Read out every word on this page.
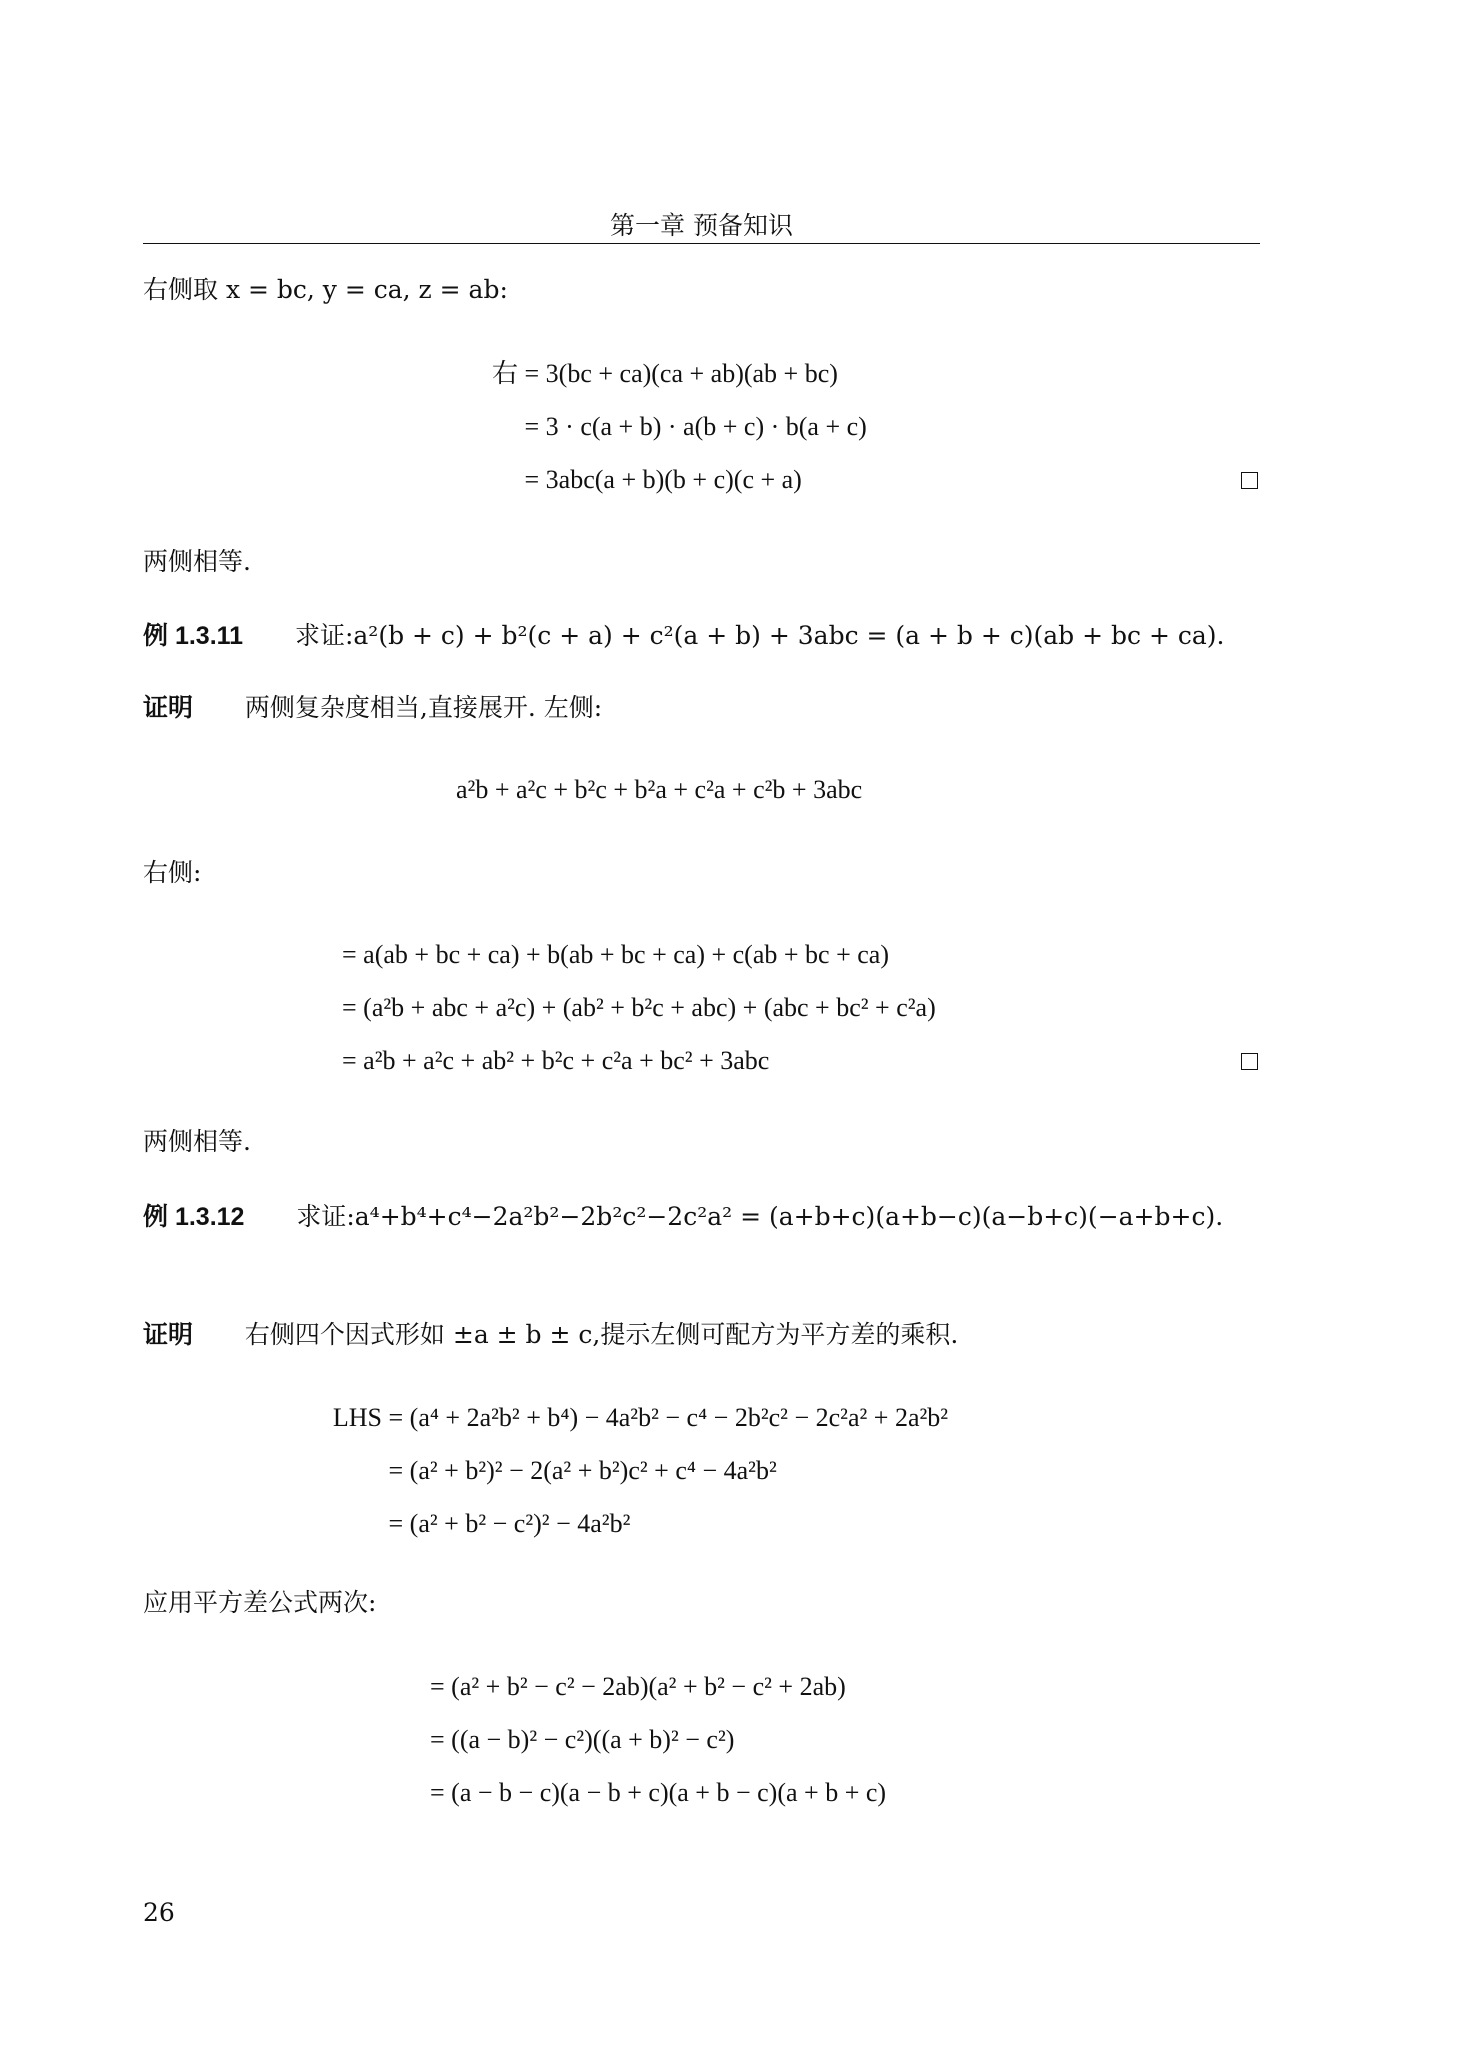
第一章 预备知识
右侧取 x = bc, y = ca, z = ab:
右 = 3(bc + ca)(ca + ab)(ab + bc)
= 3 · c(a + b) · a(b + c) · b(a + c)
= 3abc(a + b)(b + c)(c + a)
两侧相等.
例 1.3.11 求证:a²(b + c) + b²(c + a) + c²(a + b) + 3abc = (a + b + c)(ab + bc + ca).
证明 两侧复杂度相当,直接展开. 左侧:
a²b + a²c + b²c + b²a + c²a + c²b + 3abc
右侧:
= a(ab + bc + ca) + b(ab + bc + ca) + c(ab + bc + ca)
= (a²b + abc + a²c) + (ab² + b²c + abc) + (abc + bc² + c²a)
= a²b + a²c + ab² + b²c + c²a + bc² + 3abc
两侧相等.
例 1.3.12 求证:a⁴+b⁴+c⁴−2a²b²−2b²c²−2c²a² = (a+b+c)(a+b−c)(a−b+c)(−a+b+c).
证明 右侧四个因式形如 ±a ± b ± c,提示左侧可配方为平方差的乘积.
LHS = (a⁴ + 2a²b² + b⁴) − 4a²b² − c⁴ − 2b²c² − 2c²a² + 2a²b²
= (a² + b²)² − 2(a² + b²)c² + c⁴ − 4a²b²
= (a² + b² − c²)² − 4a²b²
应用平方差公式两次:
= (a² + b² − c² − 2ab)(a² + b² − c² + 2ab)
= ((a − b)² − c²)((a + b)² − c²)
= (a − b − c)(a − b + c)(a + b − c)(a + b + c)
26
